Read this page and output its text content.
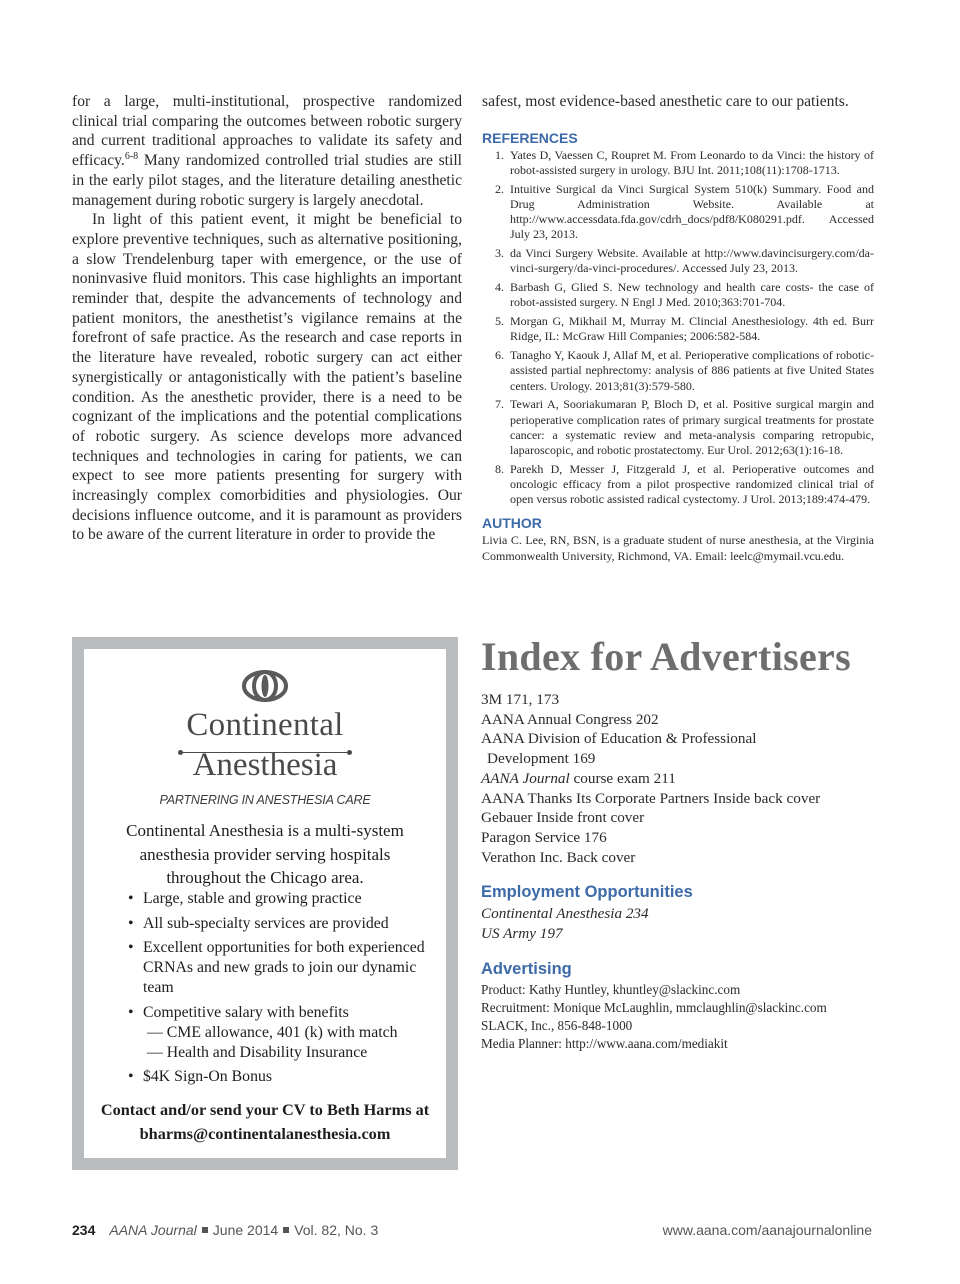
for a large, multi-institutional, prospective randomized clinical trial comparing the outcomes between robotic surgery and current traditional approaches to validate its safety and efficacy.$^{6-8}$ Many randomized controlled trial studies are still in the early pilot stages, and the literature detailing anesthetic management during robotic surgery is largely anecdotal.

In light of this patient event, it might be beneficial to explore preventive techniques, such as alternative positioning, a slow Trendelenburg taper with emergence, or the use of noninvasive fluid monitors. This case highlights an important reminder that, despite the advancements of technology and patient monitors, the anesthetist’s vigilance remains at the forefront of safe practice. As the research and case reports in the literature have revealed, robotic surgery can act either synergistically or antagonistically with the patient’s baseline condition. As the anesthetic provider, there is a need to be cognizant of the implications and the potential complications of robotic surgery. As science develops more advanced techniques and technologies in caring for patients, we can expect to see more patients presenting for surgery with increasingly complex comorbidities and physiologies. Our decisions influence outcome, and it is paramount as providers to be aware of the current literature in order to provide the

safest, most evidence-based anesthetic care to our patients.

REFERENCES
1. Yates D, Vaessen C, Roupret M. From Leonardo to da Vinci: the history of robot-assisted surgery in urology. BJU Int. 2011;108(11):1708-1713.
2. Intuitive Surgical da Vinci Surgical System 510(k) Summary. Food and Drug Administration Website. Available at http://www.accessdata.fda.gov/cdrh_docs/pdf8/K080291.pdf. Accessed July 23, 2013.
3. da Vinci Surgery Website. Available at http://www.davincisurgery.com/da-vinci-surgery/da-vinci-procedures/. Accessed July 23, 2013.
4. Barbash G, Glied S. New technology and health care costs- the case of robot-assisted surgery. N Engl J Med. 2010;363:701-704.
5. Morgan G, Mikhail M, Murray M. Clincial Anesthesiology. 4th ed. Burr Ridge, IL: McGraw Hill Companies; 2006:582-584.
6. Tanagho Y, Kaouk J, Allaf M, et al. Perioperative complications of robotic-assisted partial nephrectomy: analysis of 886 patients at five United States centers. Urology. 2013;81(3):579-580.
7. Tewari A, Sooriakumaran P, Bloch D, et al. Positive surgical margin and perioperative complication rates of primary surgical treatments for prostate cancer: a systematic review and meta-analysis comparing retropubic, laparoscopic, and robotic prostatectomy. Eur Urol. 2012;63(1):16-18.
8. Parekh D, Messer J, Fitzgerald J, et al. Perioperative outcomes and oncologic efficacy from a pilot prospective randomized clinical trial of open versus robotic assisted radical cystectomy. J Urol. 2013;189:474-479.
AUTHOR

Livia C. Lee, RN, BSN, is a graduate student of nurse anesthesia, at the Virginia Commonwealth University, Richmond, VA. Email: leelc@mymail.vcu.edu.

Continental
Anesthesia
PARTNERING IN ANESTHESIA CARE
Continental Anesthesia is a multi-system anesthesia provider serving hospitals throughout the Chicago area.
• Large, stable and growing practice
• All sub-specialty services are provided
• Excellent opportunities for both experienced CRNAs and new grads to join our dynamic team
• Competitive salary with benefits
— CME allowance, 401 (k) with match
— Health and Disability Insurance
• $4K Sign-On Bonus
Contact and/or send your CV to Beth Harms at bharms@continentalanesthesia.com
Index for Advertisers
3M 171, 173
AANA Annual Congress 202
AANA Division of Education & Professional
Development 169
AANA Journal course exam 211
AANA Thanks Its Corporate Partners Inside back cover
Gebauer Inside front cover
Paragon Service 176
Verathon Inc. Back cover
Employment Opportunities
Continental Anesthesia 234
US Army 197
Advertising
Product: Kathy Huntley, khuntley@slackinc.com
Recruitment: Monique McLaughlin, mmclaughlin@slackinc.com
SLACK, Inc., 856-848-1000
Media Planner: http://www.aana.com/mediakit
234 AANA Journal June 2014 Vol. 82, No. 3	www.aana.com/aanajournalonline
